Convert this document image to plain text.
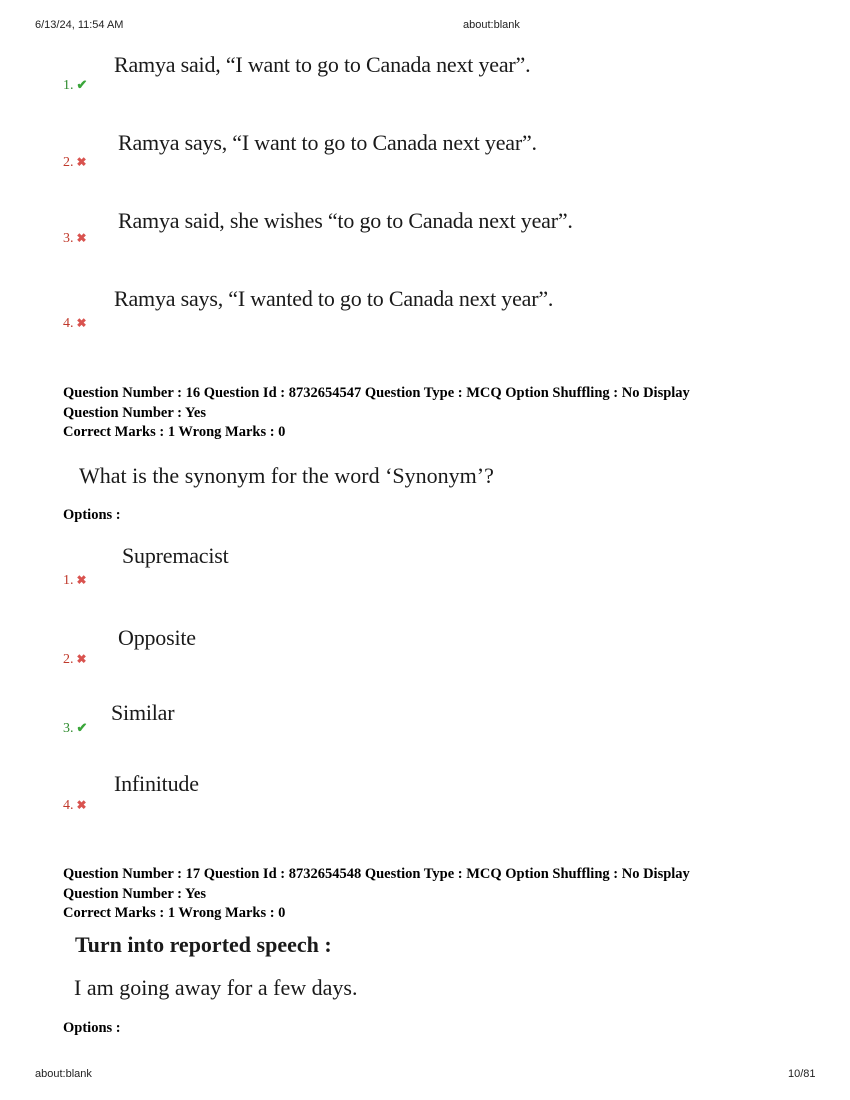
6/13/24, 11:54 AM	about:blank
Ramya said, “I want to go to Canada next year”.
1. ✔
Ramya says, “I want to go to Canada next year”.
2. ✖
Ramya said, she wishes “to go to Canada next year”.
3. ✖
Ramya says, “I wanted to go to Canada next year”.
4. ✖
Question Number : 16 Question Id : 8732654547 Question Type : MCQ Option Shuffling : No Display
Question Number : Yes
Correct Marks : 1 Wrong Marks : 0
What is the synonym for the word ‘Synonym’?
Options :
Supremacist
1. ✖
Opposite
2. ✖
Similar
3. ✔
Infinitude
4. ✖
Question Number : 17 Question Id : 8732654548 Question Type : MCQ Option Shuffling : No Display
Question Number : Yes
Correct Marks : 1 Wrong Marks : 0
Turn into reported speech :
I am going away for a few days.
Options :
about:blank	10/81
